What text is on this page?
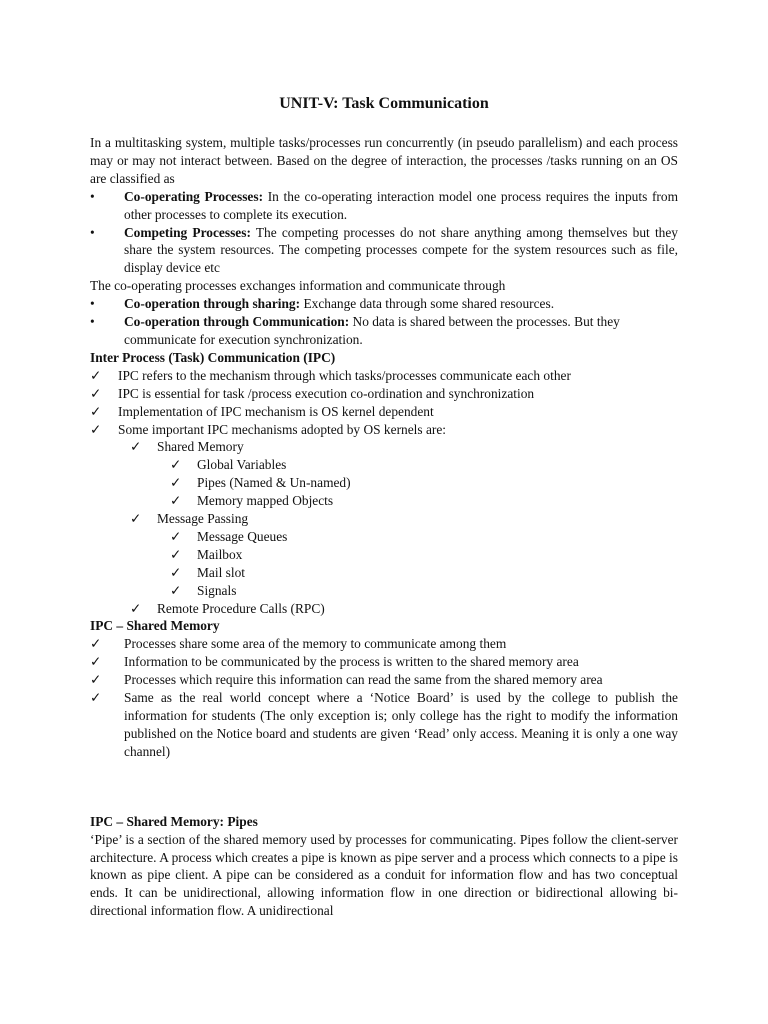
UNIT-V: Task Communication

In a multitasking system, multiple tasks/processes run concurrently (in pseudo parallelism) and each process may or may not interact between. Based on the degree of interaction, the processes /tasks running on an OS are classified as

•	Co-operating Processes: In the co-operating interaction model one process requires the inputs from other processes to complete its execution.
•	Competing Processes: The competing processes do not share anything among themselves but they share the system resources. The competing processes compete for the system resources such as file, display device etc

The co-operating processes exchanges information and communicate through

•	Co-operation through sharing: Exchange data through some shared resources.
•	Co-operation through Communication: No data is shared between the processes. But they communicate for execution synchronization.

Inter Process (Task) Communication (IPC)

✓	IPC refers to the mechanism through which tasks/processes communicate each other
✓	IPC is essential for task /process execution co-ordination and synchronization
✓	Implementation of IPC mechanism is OS kernel dependent
✓	Some important IPC mechanisms adopted by OS kernels are:
✓	Shared Memory
✓	Global Variables
✓	Pipes (Named & Un-named)
✓	Memory mapped Objects
✓	Message Passing
✓	Message Queues
✓	Mailbox
✓	Mail slot
✓	Signals
✓	Remote Procedure Calls (RPC)

IPC – Shared Memory

✓	Processes share some area of the memory to communicate among them
✓	Information to be communicated by the process is written to the shared memory area
✓	Processes which require this information can read the same from the shared memory area
✓	Same as the real world concept where a ‘Notice Board’ is used by the college to publish the information for students (The only exception is; only college has the right to modify the information published on the Notice board and students are given ‘Read’ only access. Meaning it is only a one way channel)

IPC – Shared Memory: Pipes

‘Pipe’ is a section of the shared memory used by processes for communicating. Pipes follow the client-server architecture. A process which creates a pipe is known as pipe server and a process which connects to a pipe is known as pipe client. A pipe can be considered as a conduit for information flow and has two conceptual ends. It can be unidirectional, allowing information flow in one direction or bidirectional allowing bi-directional information flow. A unidirectional
